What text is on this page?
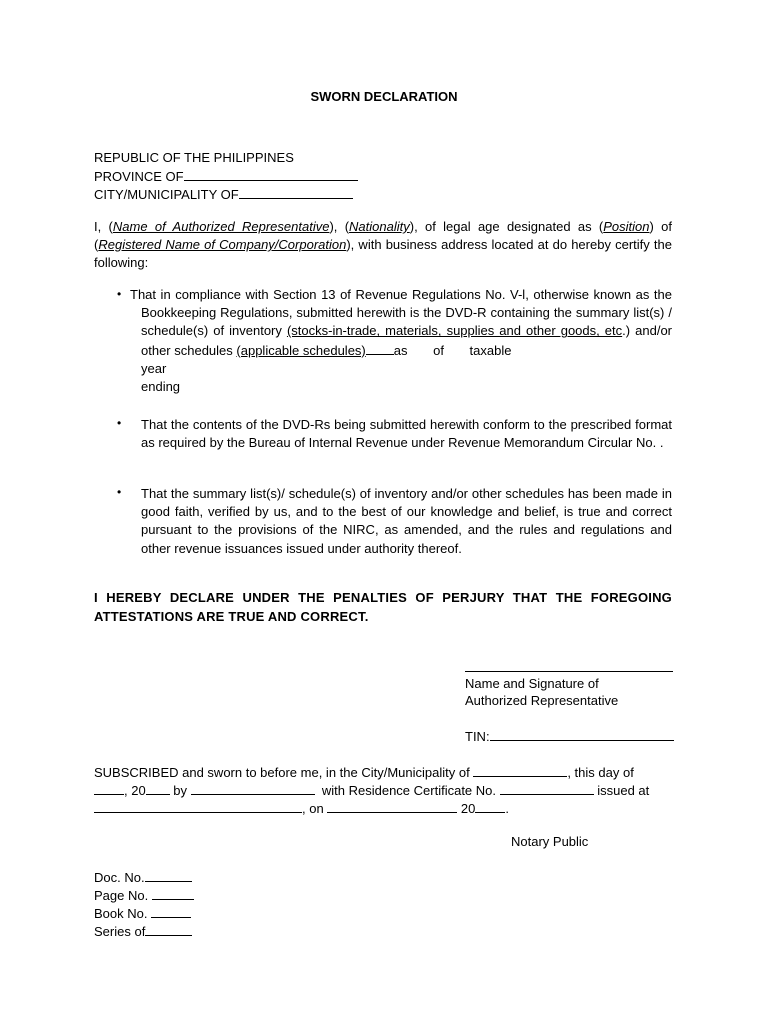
SWORN DECLARATION
REPUBLIC OF THE PHILIPPINES
PROVINCE OF
CITY/MUNICIPALITY OF
I, (Name of Authorized Representative), (Nationality), of legal age designated as (Position) of (Registered Name of Company/Corporation), with business address located at do hereby certify the following:
• That in compliance with Section 13 of Revenue Regulations No. V-l, otherwise known as the Bookkeeping Regulations, submitted herewith is the DVD-R containing the summary list(s) / schedule(s) of inventory (stocks-in-trade, materials, supplies and other goods, etc.) and/or other schedules (applicable schedules) as of taxable
year
ending
• That the contents of the DVD-Rs being submitted herewith conform to the prescribed format as required by the Bureau of Internal Revenue under Revenue Memorandum Circular No. .
• That the summary list(s)/ schedule(s) of inventory and/or other schedules has been made in good faith, verified by us, and to the best of our knowledge and belief, is true and correct pursuant to the provisions of the NIRC, as amended, and the rules and regulations and other revenue issuances issued under authority thereof.
I HEREBY DECLARE UNDER THE PENALTIES OF PERJURY THAT THE FOREGOING ATTESTATIONS ARE TRUE AND CORRECT.
Name and Signature of
Authorized Representative
TIN:
SUBSCRIBED and sworn to before me, in the City/Municipality of	, this day of
, 20 by	with Residence Certificate No.	issued at
, on	20 .
Notary Public
Doc. No.
Page No.
Book No.
Series of
